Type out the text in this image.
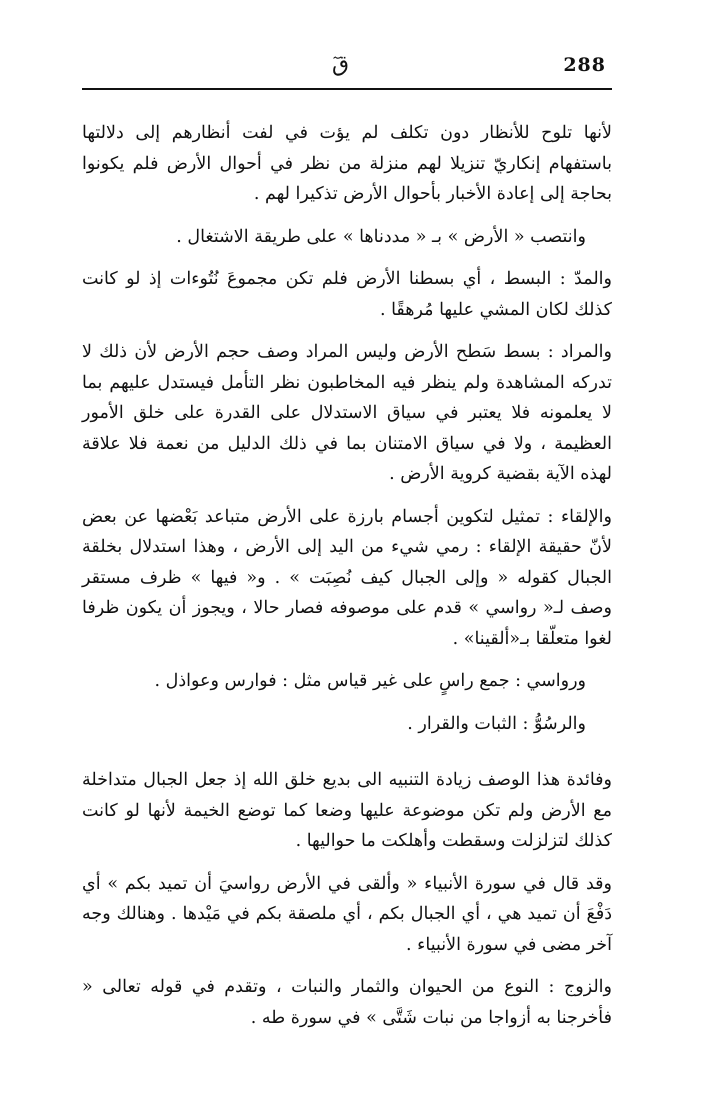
288
قٓ

لأنها تلوح للأنظار دون تكلف لم يؤت في لفت أنظارهم إلى دلالتها باستفهام إنكاريّ تنزيلا لهم منزلة من نظر في أحوال الأرض فلم يكونوا بحاجة إلى إعادة الأخبار بأحوال الأرض تذكيرا لهم .

وانتصب « الأرض » بـ « مددناها » على طريقة الاشتغال .

والمدّ : البسط ، أي بسطنا الأرض فلم تكن مجموعَ نُتُوءات إذ لو كانت كذلك لكان المشي عليها مُرهقًا .

والمراد : بسط سَطح الأرض وليس المراد وصف حجم الأرض لأن ذلك لا تدركه المشاهدة ولم ينظر فيه المخاطبون نظر التأمل فيستدل عليهم بما لا يعلمونه فلا يعتبر في سياق الاستدلال على القدرة على خلق الأمور العظيمة ، ولا في سياق الامتنان بما في ذلك الدليل من نعمة فلا علاقة لهذه الآية بقضية كروية الأرض .

والإلقاء : تمثيل لتكوين أجسام بارزة على الأرض متباعد بَعْضها عن بعض لأنّ حقيقة الإلقاء : رمي شيء من اليد إلى الأرض ، وهذا استدلال بخلقة الجبال كقوله « وإلى الجبال كيف نُصِبَت » . و« فيها » ظرف مستقر وصف لـ« رواسي » قدم على موصوفه فصار حالا ، ويجوز أن يكون ظرفا لغوا متعلّقا بـ«ألقينا» .

ورواسي : جمع راسٍ على غير قياس مثل : فوارس وعواذل .

والرسُوُّ : الثبات والقرار .

وفائدة هذا الوصف زيادة التنبيه الى بديع خلق الله إذ جعل الجبال متداخلة مع الأرض ولم تكن موضوعة عليها وضعا كما توضع الخيمة لأنها لو كانت كذلك لتزلزلت وسقطت وأهلكت ما حواليها .

وقد قال في سورة الأنبياء « وألقى في الأرض رواسيَ أن تميد بكم » أي دَفْعَ أن تميد هي ، أي الجبال بكم ، أي ملصقة بكم في مَيْدها . وهنالك وجه آخر مضى في سورة الأنبياء .

والزوج : النوع من الحيوان والثمار والنبات ، وتقدم في قوله تعالى « فأخرجنا به أزواجا من نبات شَتَّى » في سورة طه .
